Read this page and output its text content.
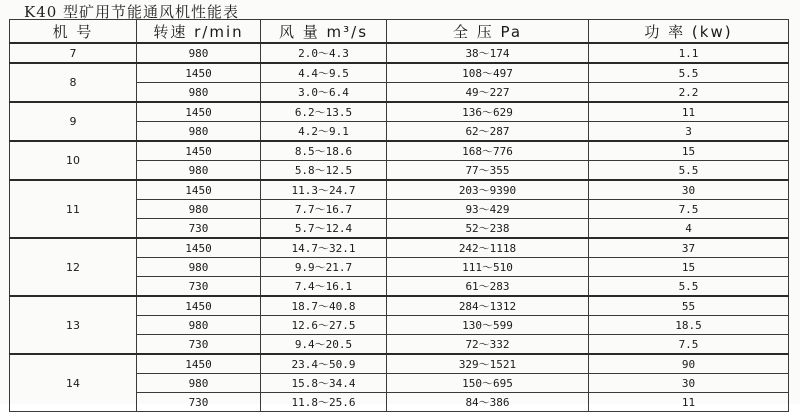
K40 型矿用节能通风机性能表
机 号	转速 r/min	风 量 m³/s	全 压 Pa	功 率 (kw)
7	980	2.0～4.3	38～174	1.1
8	1450	4.4～9.5	108～497	5.5
	980	3.0～6.4	49～227	2.2
9	1450	6.2～13.5	136～629	11
	980	4.2～9.1	62～287	3
10	1450	8.5～18.6	168～776	15
	980	5.8～12.5	77～355	5.5
11	1450	11.3～24.7	203～9390	30
	980	7.7～16.7	93～429	7.5
	730	5.7～12.4	52～238	4
12	1450	14.7～32.1	242～1118	37
	980	9.9～21.7	111～510	15
	730	7.4～16.1	61～283	5.5
13	1450	18.7～40.8	284～1312	55
	980	12.6～27.5	130～599	18.5
	730	9.4～20.5	72～332	7.5
14	1450	23.4～50.9	329～1521	90
	980	15.8～34.4	150～695	30
	730	11.8～25.6	84～386	11
